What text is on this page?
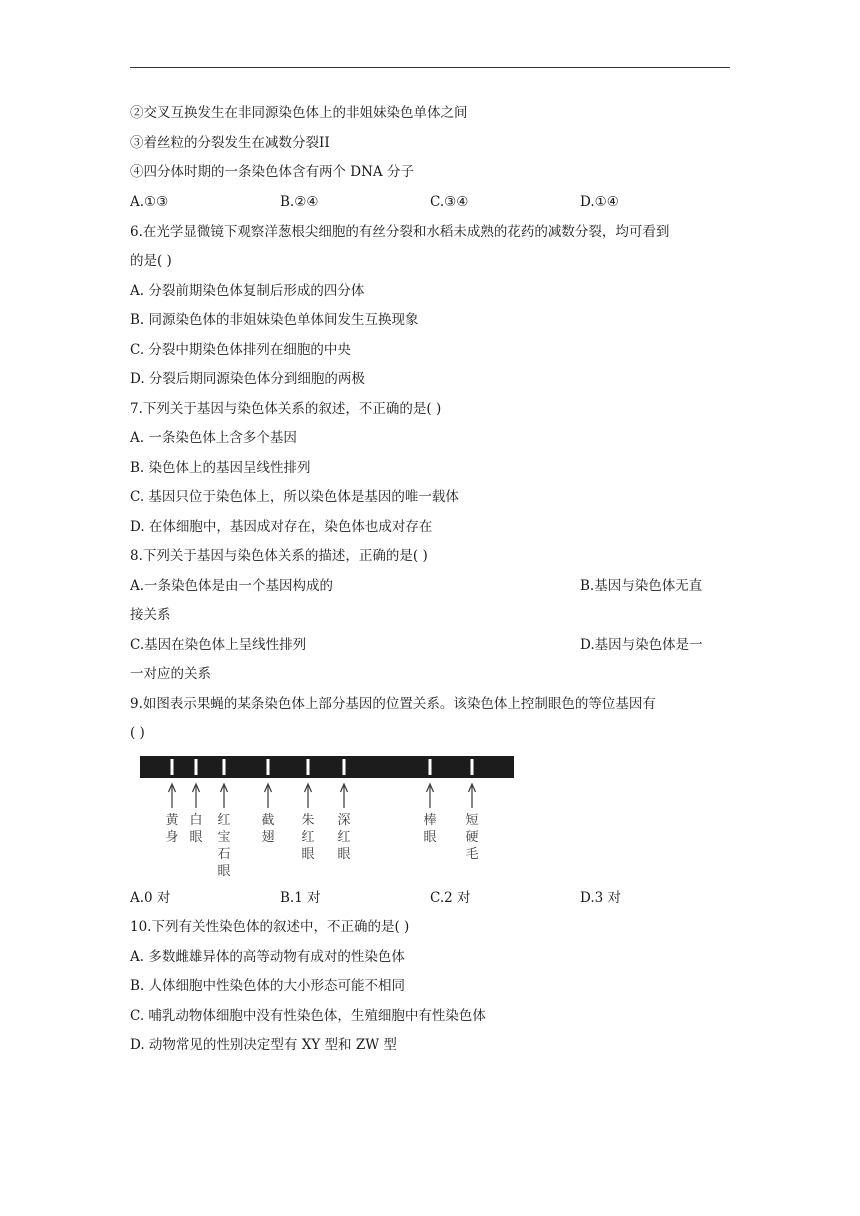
②交叉互换发生在非同源染色体上的非姐妹染色单体之间
③着丝粒的分裂发生在减数分裂II
④四分体时期的一条染色体含有两个 DNA 分子
A.①③	B.②④	C.③④	D.①④
6.在光学显微镜下观察洋葱根尖细胞的有丝分裂和水稻未成熟的花药的减数分裂，均可看到
的是( )
A. 分裂前期染色体复制后形成的四分体
B. 同源染色体的非姐妹染色单体间发生互换现象
C. 分裂中期染色体排列在细胞的中央
D. 分裂后期同源染色体分到细胞的两极
7.下列关于基因与染色体关系的叙述，不正确的是( )
A. 一条染色体上含多个基因
B. 染色体上的基因呈线性排列
C. 基因只位于染色体上，所以染色体是基因的唯一载体
D. 在体细胞中，基因成对存在，染色体也成对存在
8.下列关于基因与染色体关系的描述，正确的是( )
A.一条染色体是由一个基因构成的	B.基因与染色体无直
接关系
C.基因在染色体上呈线性排列	D.基因与染色体是一
一对应的关系
9.如图表示果蝇的某条染色体上部分基因的位置关系。该染色体上控制眼色的等位基因有
( )
黄身
白眼
红宝石眼
截翅
朱红眼
深红眼
棒眼
短硬毛
A.0 对	B.1 对	C.2 对	D.3 对
10.下列有关性染色体的叙述中，不正确的是( )
A. 多数雌雄异体的高等动物有成对的性染色体
B. 人体细胞中性染色体的大小形态可能不相同
C. 哺乳动物体细胞中没有性染色体，生殖细胞中有性染色体
D. 动物常见的性别决定型有 XY 型和 ZW 型
